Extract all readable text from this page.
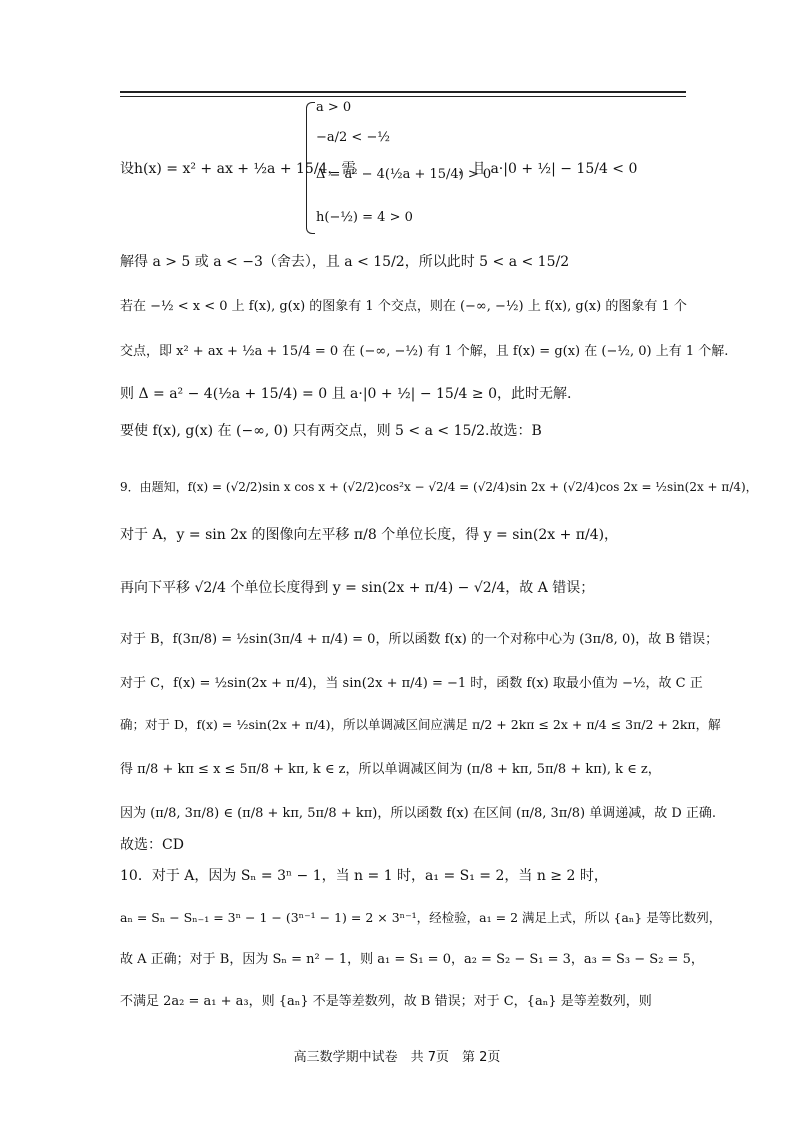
a > 0
−a/2 < −½
Δ = a² − 4(½a + 15/4) > 0
h(−½) = 4 > 0
设h(x) = x² + ax + ½a + 15/4，需	，且 a·|0 + ½| − 15/4 < 0
解得 a > 5 或 a < −3（舍去），且 a < 15/2，所以此时 5 < a < 15/2
若在 −½ < x < 0 上 f(x), g(x) 的图象有 1 个交点，则在 (−∞, −½) 上 f(x), g(x) 的图象有 1 个
交点，即 x² + ax + ½a + 15/4 = 0 在 (−∞, −½) 有 1 个解，且 f(x) = g(x) 在 (−½, 0) 上有 1 个解.
则 Δ = a² − 4(½a + 15/4) = 0 且 a·|0 + ½| − 15/4 ≥ 0，此时无解.
要使 f(x), g(x) 在 (−∞, 0) 只有两交点，则 5 < a < 15/2.故选：B
9．由题知，f(x) = (√2/2)sin x cos x + (√2/2)cos²x − √2/4 = (√2/4)sin 2x + (√2/4)cos 2x = ½sin(2x + π/4)，
对于 A，y = sin 2x 的图像向左平移 π/8 个单位长度，得 y = sin(2x + π/4)，
再向下平移 √2/4 个单位长度得到 y = sin(2x + π/4) − √2/4，故 A 错误；
对于 B，f(3π/8) = ½sin(3π/4 + π/4) = 0，所以函数 f(x) 的一个对称中心为 (3π/8, 0)，故 B 错误；
对于 C，f(x) = ½sin(2x + π/4)，当 sin(2x + π/4) = −1 时，函数 f(x) 取最小值为 −½，故 C 正
确；对于 D，f(x) = ½sin(2x + π/4)，所以单调减区间应满足 π/2 + 2kπ ≤ 2x + π/4 ≤ 3π/2 + 2kπ，解
得 π/8 + kπ ≤ x ≤ 5π/8 + kπ, k ∈ z，所以单调减区间为 (π/8 + kπ, 5π/8 + kπ), k ∈ z，
因为 (π/8, 3π/8) ∈ (π/8 + kπ, 5π/8 + kπ)，所以函数 f(x) 在区间 (π/8, 3π/8) 单调递减，故 D 正确.
故选：CD
10．对于 A，因为 Sₙ = 3ⁿ − 1，当 n = 1 时，a₁ = S₁ = 2，当 n ≥ 2 时，
aₙ = Sₙ − Sₙ₋₁ = 3ⁿ − 1 − (3ⁿ⁻¹ − 1) = 2 × 3ⁿ⁻¹，经检验，a₁ = 2 满足上式，所以 {aₙ} 是等比数列，
故 A 正确；对于 B，因为 Sₙ = n² − 1，则 a₁ = S₁ = 0，a₂ = S₂ − S₁ = 3，a₃ = S₃ − S₂ = 5，
不满足 2a₂ = a₁ + a₃，则 {aₙ} 不是等差数列，故 B 错误；对于 C，{aₙ} 是等差数列，则
高三数学期中试卷　共 7页　第 2页
